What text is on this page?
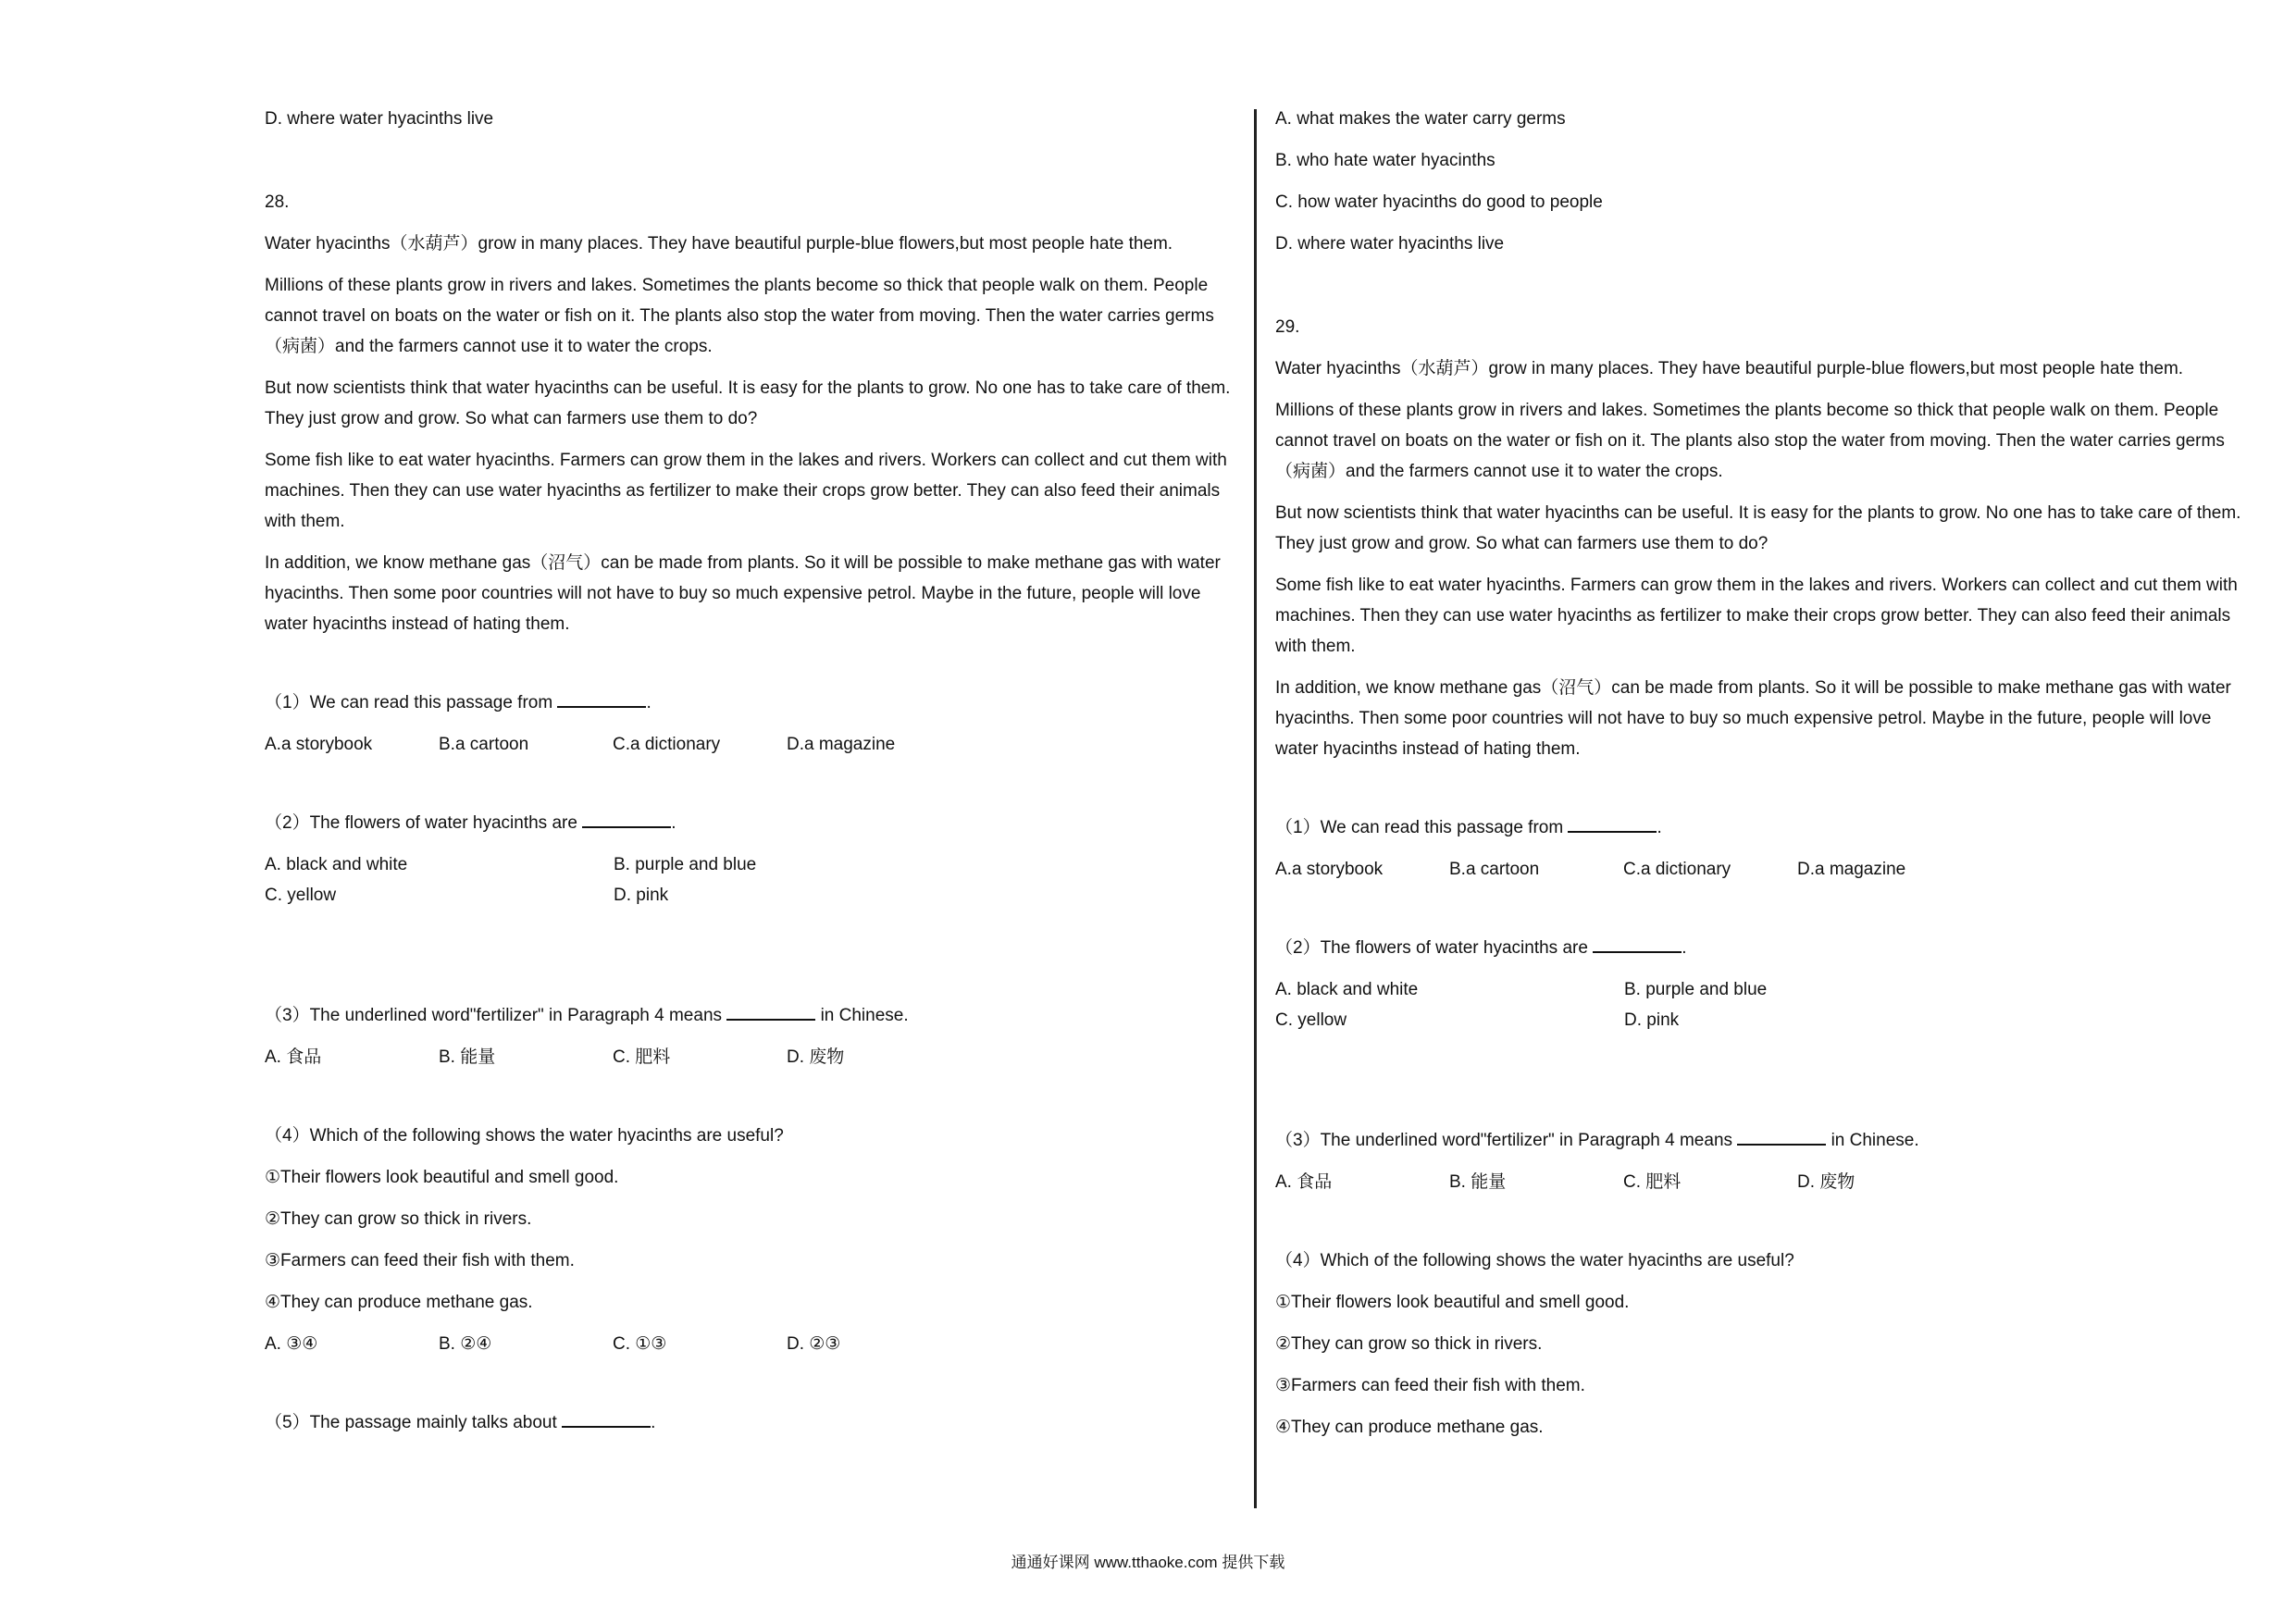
D. where water hyacinths live

28.

Water hyacinths（水葫芦）grow in many places. They have beautiful purple-blue flowers,but most people hate them.

Millions of these plants grow in rivers and lakes. Sometimes the plants become so thick that people walk on them. People cannot travel on boats on the water or fish on it. The plants also stop the water from moving. Then the water carries germs（病菌）and the farmers cannot use it to water the crops.

But now scientists think that water hyacinths can be useful. It is easy for the plants to grow. No one has to take care of them. They just grow and grow. So what can farmers use them to do?

Some fish like to eat water hyacinths. Farmers can grow them in the lakes and rivers. Workers can collect and cut them with machines. Then they can use water hyacinths as fertilizer to make their crops grow better. They can also feed their animals with them.

In addition, we know methane gas（沼气）can be made from plants. So it will be possible to make methane gas with water hyacinths. Then some poor countries will not have to buy so much expensive petrol. Maybe in the future, people will love water hyacinths instead of hating them.

（1）We can read this passage from	.

A.a storybook	B.a cartoon	C.a dictionary	D.a magazine

（2）The flowers of water hyacinths are	.

A. black and white	B. purple and blue
C. yellow	D. pink

（3）The underlined word"fertilizer" in Paragraph 4 means	in Chinese.

A. 食品	B. 能量	C. 肥料	D. 废物

（4）Which of the following shows the water hyacinths are useful?

①Their flowers look beautiful and smell good.

②They can grow so thick in rivers.

③Farmers can feed their fish with them.

④They can produce methane gas.

A. ③④	B. ②④	C. ①③	D. ②③

（5）The passage mainly talks about	.

A. what makes the water carry germs

B. who hate water hyacinths

C. how water hyacinths do good to people

D. where water hyacinths live

29.

Water hyacinths（水葫芦）grow in many places. They have beautiful purple-blue flowers,but most people hate them.

Millions of these plants grow in rivers and lakes. Sometimes the plants become so thick that people walk on them. People cannot travel on boats on the water or fish on it. The plants also stop the water from moving. Then the water carries germs（病菌）and the farmers cannot use it to water the crops.

But now scientists think that water hyacinths can be useful. It is easy for the plants to grow. No one has to take care of them. They just grow and grow. So what can farmers use them to do?

Some fish like to eat water hyacinths. Farmers can grow them in the lakes and rivers. Workers can collect and cut them with machines. Then they can use water hyacinths as fertilizer to make their crops grow better. They can also feed their animals with them.

In addition, we know methane gas（沼气）can be made from plants. So it will be possible to make methane gas with water hyacinths. Then some poor countries will not have to buy so much expensive petrol. Maybe in the future, people will love water hyacinths instead of hating them.

（1）We can read this passage from	.

A.a storybook	B.a cartoon	C.a dictionary	D.a magazine

（2）The flowers of water hyacinths are	.

A. black and white	B. purple and blue
C. yellow	D. pink

（3）The underlined word"fertilizer" in Paragraph 4 means	in Chinese.

A. 食品	B. 能量	C. 肥料	D. 废物

（4）Which of the following shows the water hyacinths are useful?

①Their flowers look beautiful and smell good.

②They can grow so thick in rivers.

③Farmers can feed their fish with them.

④They can produce methane gas.

通通好课网 www.tthaoke.com 提供下载
